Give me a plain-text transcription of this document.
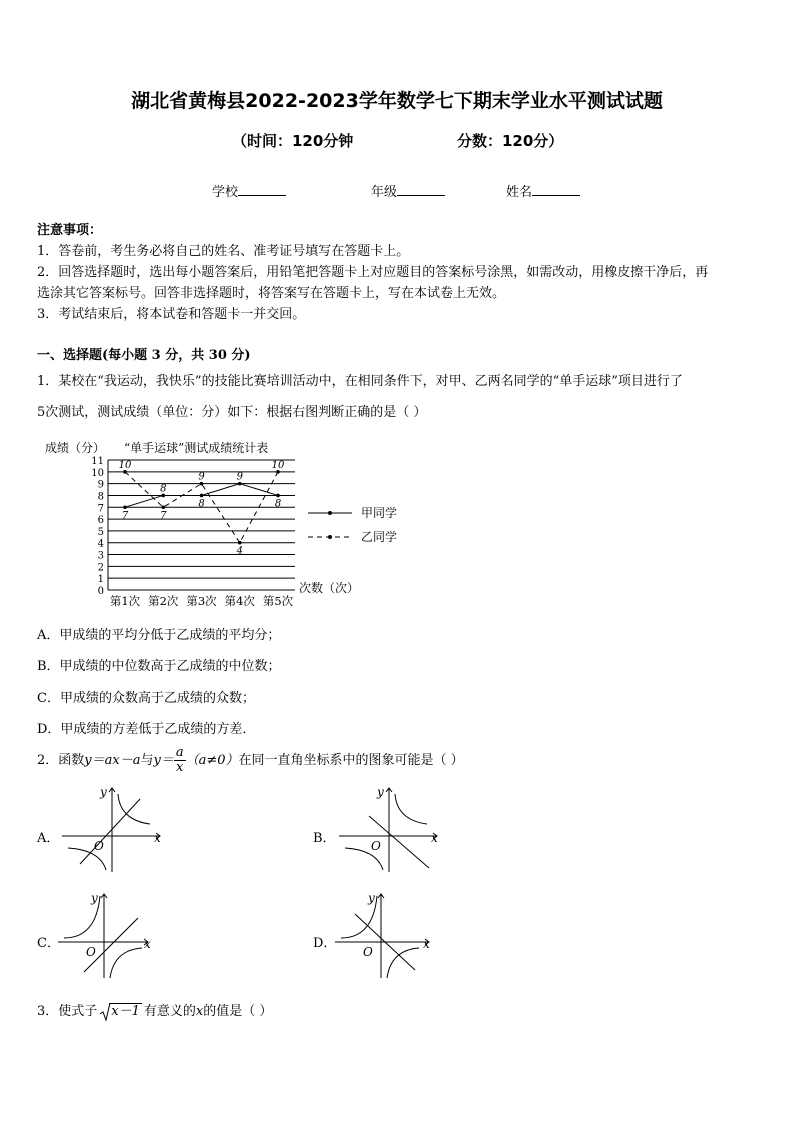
湖北省黄梅县2022-2023学年数学七下期末学业水平测试试题
（时间：120分钟	分数：120分）
学校	年级	姓名
注意事项：
1．答卷前，考生务必将自己的姓名、准考证号填写在答题卡上。
2．回答选择题时，选出每小题答案后，用铅笔把答题卡上对应题目的答案标号涂黑，如需改动，用橡皮擦干净后，再
选涂其它答案标号。回答非选择题时，将答案写在答题卡上，写在本试卷上无效。
3．考试结束后，将本试卷和答题卡一并交回。
一、选择题(每小题 3 分，共 30 分)
1．某校在“我运动，我快乐”的技能比赛培训活动中，在相同条件下，对甲、乙两名同学的“单手运球”项目进行了
5次测试，测试成绩（单位：分）如下：根据右图判断正确的是（ ）
成绩（分） “单手运球”测试成绩统计表
0
1
2
3
4
5
6
7
8
9
10
11
第1次 第2次 第3次 第4次 第5次
7
8
8
9
8
10
7
9
4
10
次数（次）
甲同学
乙同学
A．甲成绩的平均分低于乙成绩的平均分；
B．甲成绩的中位数高于乙成绩的中位数；
C．甲成绩的众数高于乙成绩的众数；
D．甲成绩的方差低于乙成绩的方差．
2．函数y＝ax－a与$y= \frac{a}{x} (a\ne 0)$在同一直角坐标系中的图象可能是（ ）
A．	x
y
O	B．	x
y
O
C．	x
y
O
D．	x
y
O
3．使式子 x－1 有意义的x的值是（ ）
